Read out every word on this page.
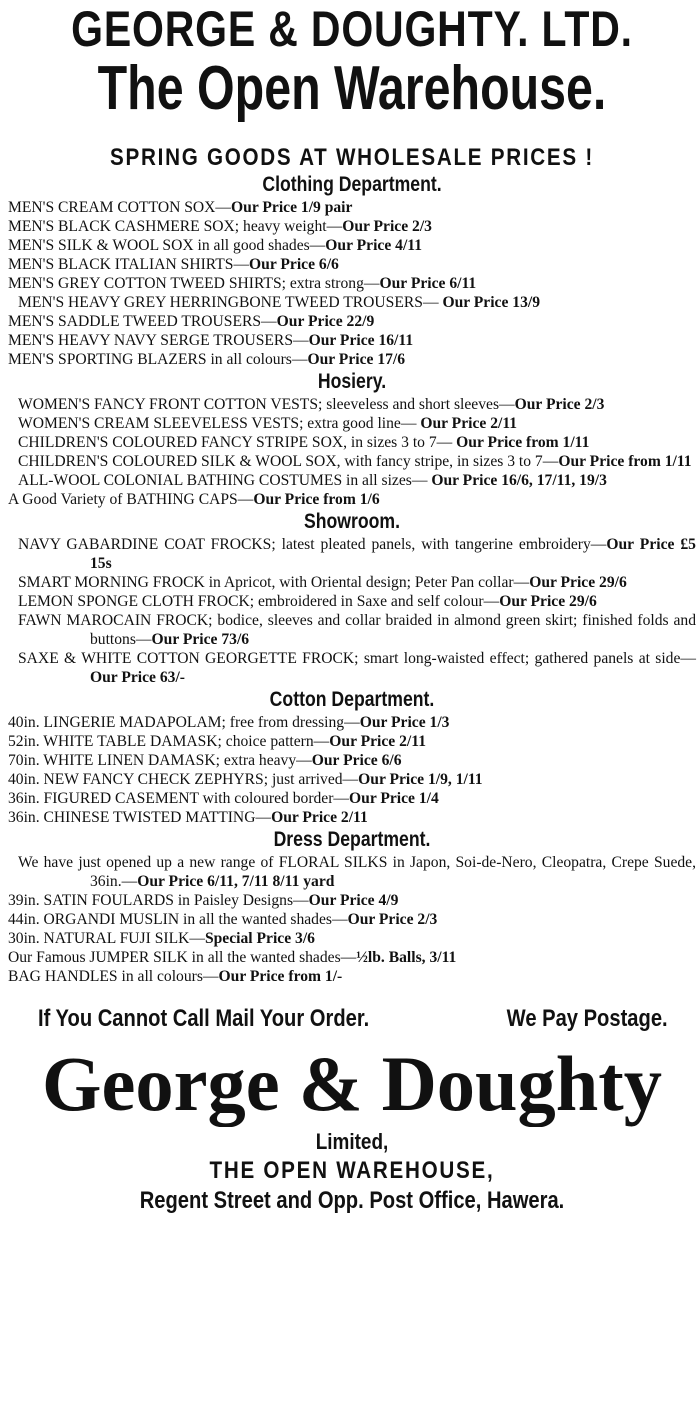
GEORGE & DOUGHTY. LTD.
The Open Warehouse.
SPRING GOODS AT WHOLESALE PRICES !
Clothing Department.

MEN'S CREAM COTTON SOX—Our Price 1/9 pair

MEN'S BLACK CASHMERE SOX; heavy weight—Our Price 2/3

MEN'S SILK & WOOL SOX in all good shades—Our Price 4/11

MEN'S BLACK ITALIAN SHIRTS—Our Price 6/6

MEN'S GREY COTTON TWEED SHIRTS; extra strong—Our Price 6/11

MEN'S HEAVY GREY HERRINGBONE TWEED TROUSERS— Our Price 13/9

MEN'S SADDLE TWEED TROUSERS—Our Price 22/9

MEN'S HEAVY NAVY SERGE TROUSERS—Our Price 16/11

MEN'S SPORTING BLAZERS in all colours—Our Price 17/6

Hosiery.

WOMEN'S FANCY FRONT COTTON VESTS; sleeveless and short sleeves—Our Price 2/3

WOMEN'S CREAM SLEEVELESS VESTS; extra good line— Our Price 2/11

CHILDREN'S COLOURED FANCY STRIPE SOX, in sizes 3 to 7— Our Price from 1/11

CHILDREN'S COLOURED SILK & WOOL SOX, with fancy stripe, in sizes 3 to 7—Our Price from 1/11

ALL-WOOL COLONIAL BATHING COSTUMES in all sizes— Our Price 16/6, 17/11, 19/3

A Good Variety of BATHING CAPS—Our Price from 1/6

Showroom.

NAVY GABARDINE COAT FROCKS; latest pleated panels, with tangerine embroidery—Our Price £5 15s

SMART MORNING FROCK in Apricot, with Oriental design; Peter Pan collar—Our Price 29/6

LEMON SPONGE CLOTH FROCK; embroidered in Saxe and self colour—Our Price 29/6

FAWN MAROCAIN FROCK; bodice, sleeves and collar braided in almond green skirt; finished folds and buttons—Our Price 73/6

SAXE & WHITE COTTON GEORGETTE FROCK; smart long-waisted effect; gathered panels at side—Our Price 63/-

Cotton Department.

40in. LINGERIE MADAPOLAM; free from dressing—Our Price 1/3

52in. WHITE TABLE DAMASK; choice pattern—Our Price 2/11

70in. WHITE LINEN DAMASK; extra heavy—Our Price 6/6

40in. NEW FANCY CHECK ZEPHYRS; just arrived—Our Price 1/9, 1/11

36in. FIGURED CASEMENT with coloured border—Our Price 1/4

36in. CHINESE TWISTED MATTING—Our Price 2/11

Dress Department.

We have just opened up a new range of FLORAL SILKS in Japon, Soi-de-Nero, Cleopatra, Crepe Suede, 36in.—Our Price 6/11, 7/11 8/11 yard

39in. SATIN FOULARDS in Paisley Designs—Our Price 4/9

44in. ORGANDI MUSLIN in all the wanted shades—Our Price 2/3

30in. NATURAL FUJI SILK—Special Price 3/6

Our Famous JUMPER SILK in all the wanted shades—½lb. Balls, 3/11

BAG HANDLES in all colours—Our Price from 1/-

If You Cannot Call Mail Your Order.	We Pay Postage.
George & Doughty
Limited,
THE OPEN WAREHOUSE,
Regent Street and Opp. Post Office, Hawera.
